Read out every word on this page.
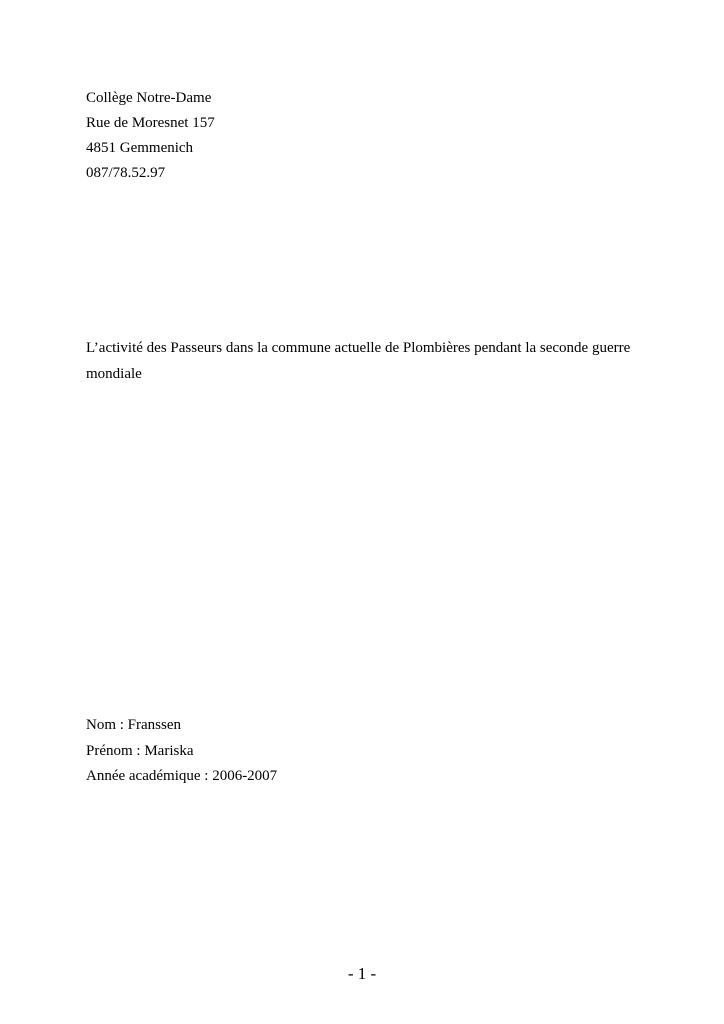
Collège Notre-Dame
Rue de Moresnet 157
4851 Gemmenich
087/78.52.97
L’activité des Passeurs dans la commune actuelle de Plombières pendant la seconde guerre
mondiale
Nom : Franssen
Prénom : Mariska
Année académique : 2006-2007
- 1 -
